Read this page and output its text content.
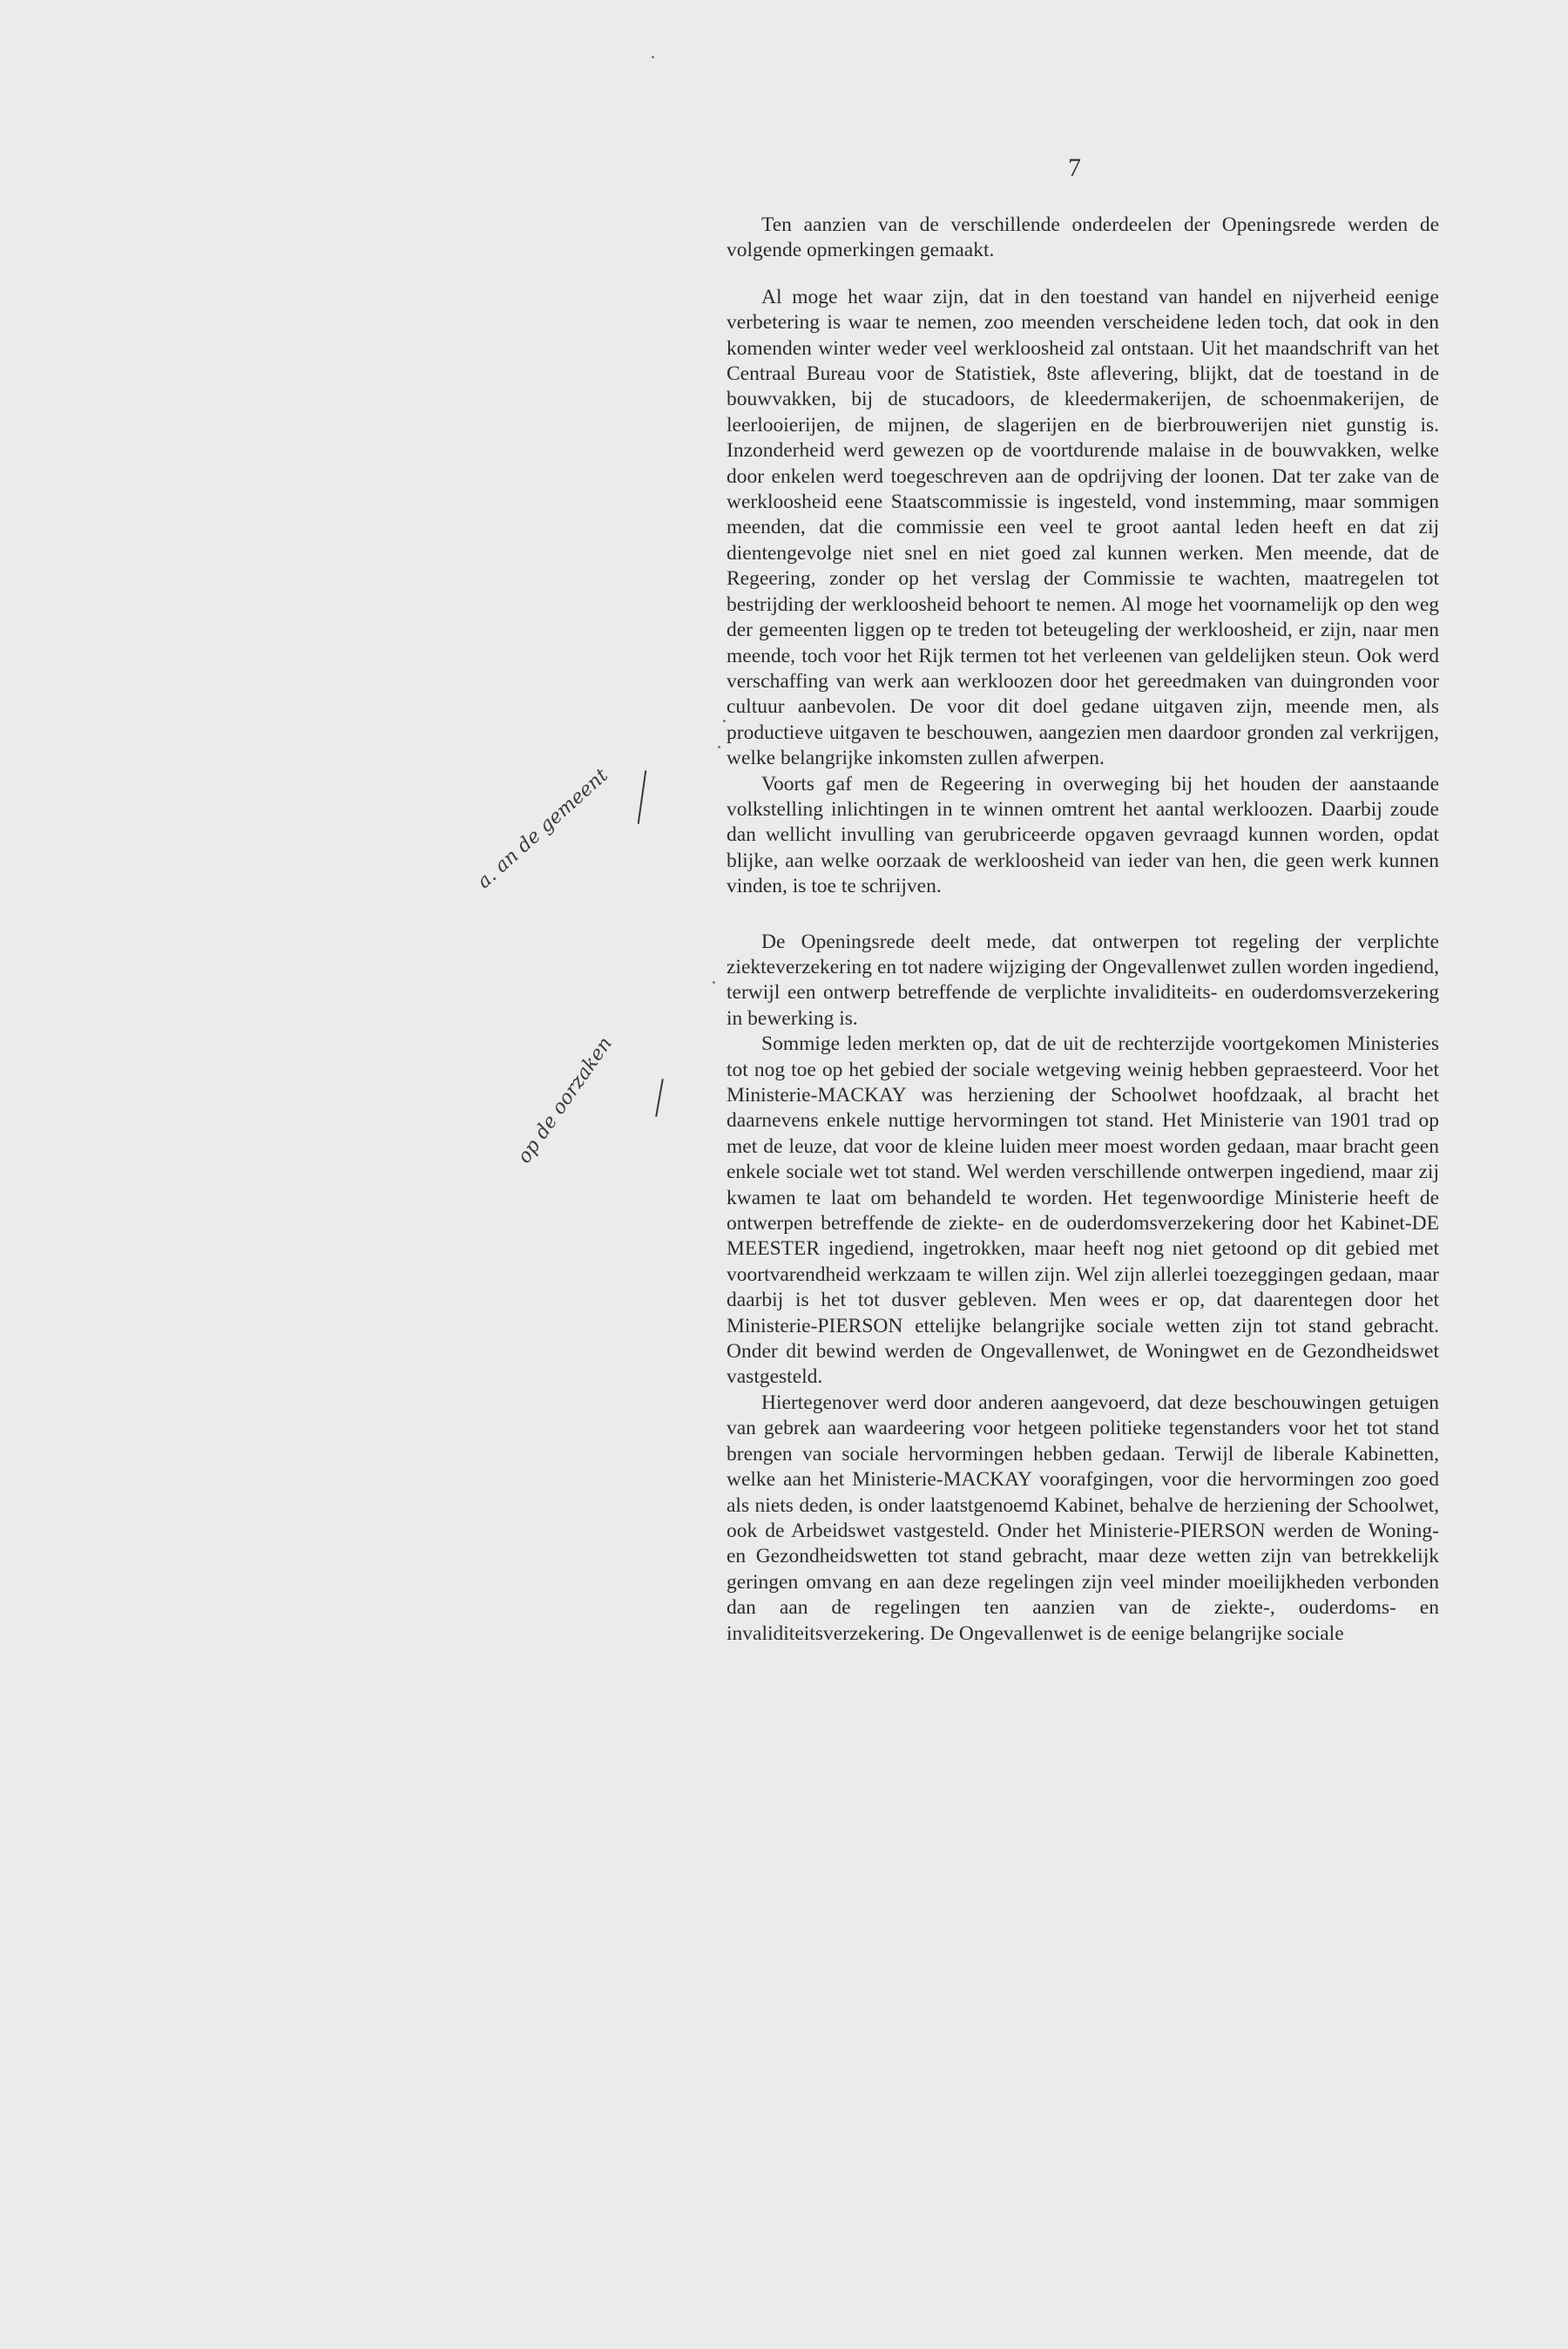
7
a. an de gemeent
op de oorzaken

Ten aanzien van de verschillende onderdeelen der Openingsrede werden de volgende opmerkingen gemaakt.

Al moge het waar zijn, dat in den toestand van handel en nijverheid eenige verbetering is waar te nemen, zoo meenden verscheidene leden toch, dat ook in den komenden winter weder veel werkloosheid zal ontstaan. Uit het maandschrift van het Centraal Bureau voor de Statistiek, 8ste aflevering, blijkt, dat de toestand in de bouwvakken, bij de stucadoors, de kleedermakerijen, de schoenmakerijen, de leerlooierijen, de mijnen, de slagerijen en de bierbrouwerijen niet gunstig is. Inzonderheid werd gewezen op de voortdurende malaise in de bouwvakken, welke door enkelen werd toegeschreven aan de opdrijving der loonen. Dat ter zake van de werkloosheid eene Staatscommissie is ingesteld, vond instemming, maar sommigen meenden, dat die commissie een veel te groot aantal leden heeft en dat zij dientengevolge niet snel en niet goed zal kunnen werken. Men meende, dat de Regeering, zonder op het verslag der Commissie te wachten, maatregelen tot bestrijding der werkloosheid behoort te nemen. Al moge het voornamelijk op den weg der gemeenten liggen op te treden tot beteugeling der werkloosheid, er zijn, naar men meende, toch voor het Rijk termen tot het verleenen van geldelijken steun. Ook werd verschaffing van werk aan werkloozen door het gereedmaken van duingronden voor cultuur aanbevolen. De voor dit doel gedane uitgaven zijn, meende men, als productieve uitgaven te beschouwen, aangezien men daardoor gronden zal verkrijgen, welke belangrijke inkomsten zullen afwerpen.

Voorts gaf men de Regeering in overweging bij het houden der aanstaande volkstelling inlichtingen in te winnen omtrent het aantal werkloozen. Daarbij zoude dan wellicht invulling van gerubriceerde opgaven gevraagd kunnen worden, opdat blijke, aan welke oorzaak de werkloosheid van ieder van hen, die geen werk kunnen vinden, is toe te schrijven.

De Openingsrede deelt mede, dat ontwerpen tot regeling der verplichte ziekteverzekering en tot nadere wijziging der Ongevallenwet zullen worden ingediend, terwijl een ontwerp betreffende de verplichte invaliditeits- en ouderdomsverzekering in bewerking is.

Sommige leden merkten op, dat de uit de rechterzijde voortgekomen Ministeries tot nog toe op het gebied der sociale wetgeving weinig hebben gepraesteerd. Voor het Ministerie-MACKAY was herziening der Schoolwet hoofdzaak, al bracht het daarnevens enkele nuttige hervormingen tot stand. Het Ministerie van 1901 trad op met de leuze, dat voor de kleine luiden meer moest worden gedaan, maar bracht geen enkele sociale wet tot stand. Wel werden verschillende ontwerpen ingediend, maar zij kwamen te laat om behandeld te worden. Het tegenwoordige Ministerie heeft de ontwerpen betreffende de ziekte- en de ouderdomsverzekering door het Kabinet-DE MEESTER ingediend, ingetrokken, maar heeft nog niet getoond op dit gebied met voortvarendheid werkzaam te willen zijn. Wel zijn allerlei toezeggingen gedaan, maar daarbij is het tot dusver gebleven. Men wees er op, dat daarentegen door het Ministerie-PIERSON ettelijke belangrijke sociale wetten zijn tot stand gebracht. Onder dit bewind werden de Ongevallenwet, de Woningwet en de Gezondheidswet vastgesteld.

Hiertegenover werd door anderen aangevoerd, dat deze beschouwingen getuigen van gebrek aan waardeering voor hetgeen politieke tegenstanders voor het tot stand brengen van sociale hervormingen hebben gedaan. Terwijl de liberale Kabinetten, welke aan het Ministerie-MACKAY voorafgingen, voor die hervormingen zoo goed als niets deden, is onder laatstgenoemd Kabinet, behalve de herziening der Schoolwet, ook de Arbeidswet vastgesteld. Onder het Ministerie-PIERSON werden de Woning- en Gezondheidswetten tot stand gebracht, maar deze wetten zijn van betrekkelijk geringen omvang en aan deze regelingen zijn veel minder moeilijkheden verbonden dan aan de regelingen ten aanzien van de ziekte-, ouderdoms- en invaliditeitsverzekering. De Ongevallenwet is de eenige belangrijke sociale
